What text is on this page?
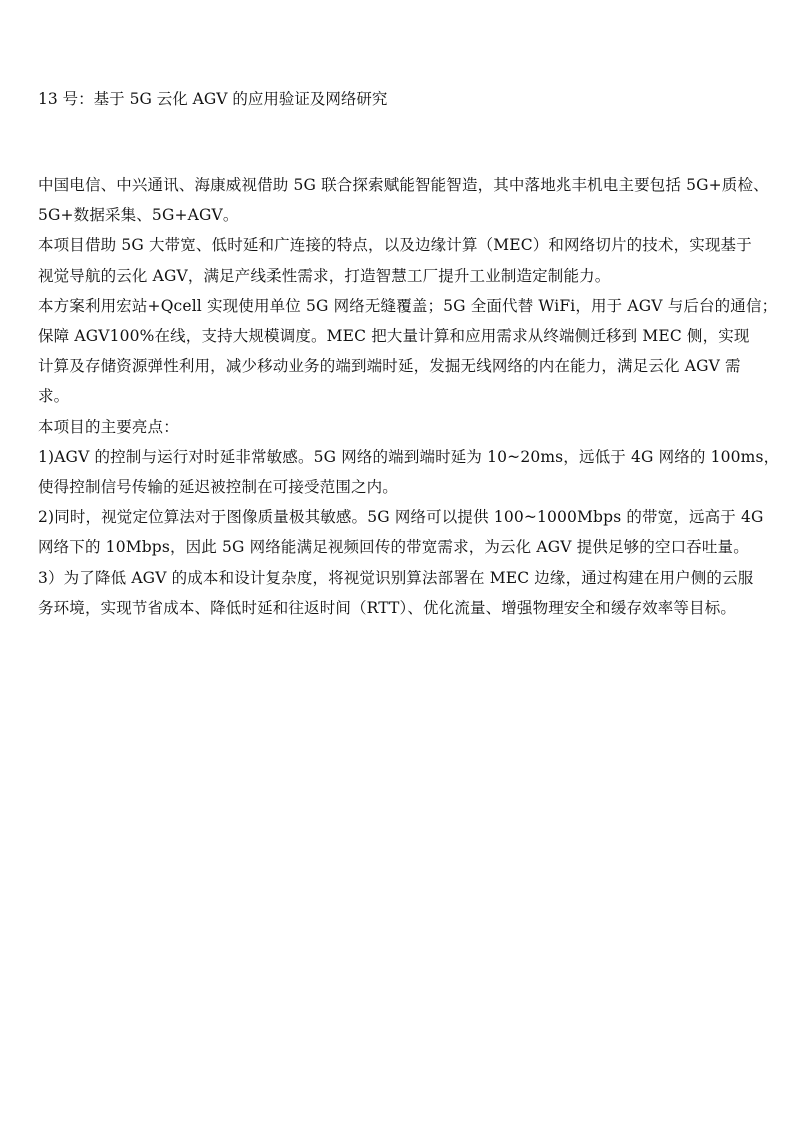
13 号：基于 5G 云化 AGV 的应用验证及网络研究

中国电信、中兴通讯、海康威视借助 5G 联合探索赋能智能智造，其中落地兆丰机电主要包括 5G+质检、
5G+数据采集、5G+AGV。

本项目借助 5G 大带宽、低时延和广连接的特点，以及边缘计算（MEC）和网络切片的技术，实现基于
视觉导航的云化 AGV，满足产线柔性需求，打造智慧工厂提升工业制造定制能力。

本方案利用宏站+Qcell 实现使用单位 5G 网络无缝覆盖；5G 全面代替 WiFi，用于 AGV 与后台的通信；
保障 AGV100%在线，支持大规模调度。MEC 把大量计算和应用需求从终端侧迁移到 MEC 侧，实现
计算及存储资源弹性利用，减少移动业务的端到端时延，发掘无线网络的内在能力，满足云化 AGV 需
求。

本项目的主要亮点：

1)AGV 的控制与运行对时延非常敏感。5G 网络的端到端时延为 10~20ms，远低于 4G 网络的 100ms，
使得控制信号传输的延迟被控制在可接受范围之内。

2)同时，视觉定位算法对于图像质量极其敏感。5G 网络可以提供 100~1000Mbps 的带宽，远高于 4G
网络下的 10Mbps，因此 5G 网络能满足视频回传的带宽需求，为云化 AGV 提供足够的空口吞吐量。

3）为了降低 AGV 的成本和设计复杂度，将视觉识别算法部署在 MEC 边缘，通过构建在用户侧的云服
务环境，实现节省成本、降低时延和往返时间（RTT）、优化流量、增强物理安全和缓存效率等目标。
